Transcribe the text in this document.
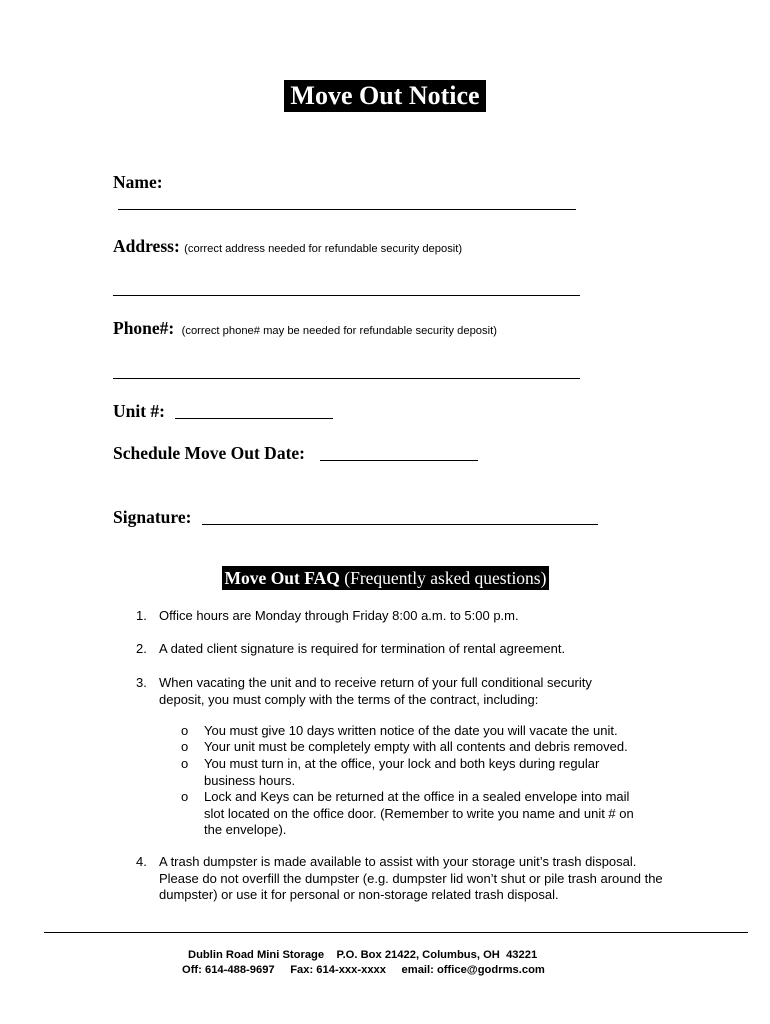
Move Out Notice
Name:
Address: (correct address needed for refundable security deposit)
Phone#: (correct phone# may be needed for refundable security deposit)
Unit #:
Schedule Move Out Date:
Signature:
Move Out FAQ (Frequently asked questions)
1. Office hours are Monday through Friday 8:00 a.m. to 5:00 p.m.
2. A dated client signature is required for termination of rental agreement.
3. When vacating the unit and to receive return of your full conditional security deposit, you must comply with the terms of the contract, including:
o You must give 10 days written notice of the date you will vacate the unit.
o Your unit must be completely empty with all contents and debris removed.
o You must turn in, at the office, your lock and both keys during regular business hours.
o Lock and Keys can be returned at the office in a sealed envelope into mail slot located on the office door. (Remember to write you name and unit # on the envelope).
4. A trash dumpster is made available to assist with your storage unit’s trash disposal. Please do not overfill the dumpster (e.g. dumpster lid won’t shut or pile trash around the dumpster) or use it for personal or non-storage related trash disposal.
Dublin Road Mini Storage    P.O. Box 21422, Columbus, OH  43221
Off: 614-488-9697     Fax: 614-xxx-xxxx     email: office@godrms.com
